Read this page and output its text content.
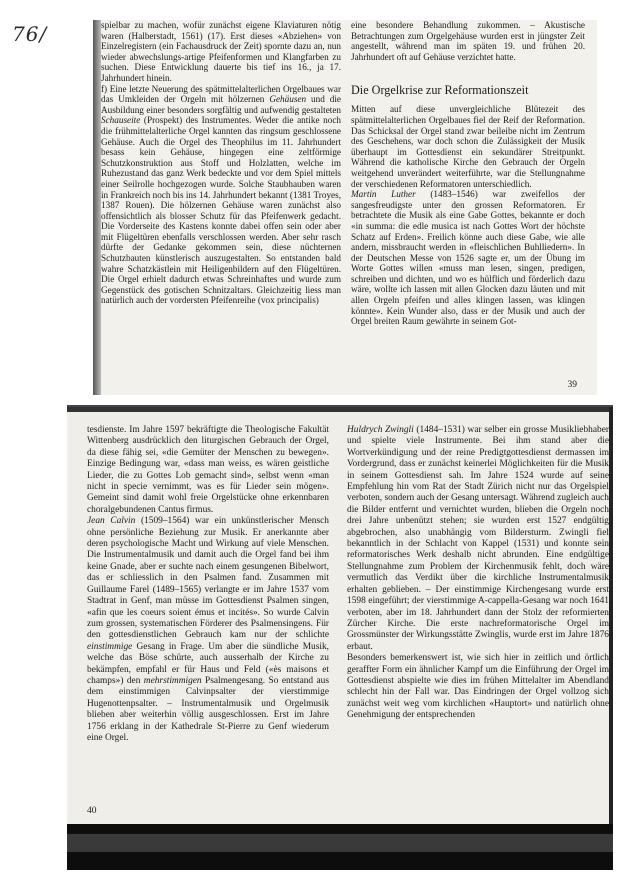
76/	spielbar zu machen, wofür zunächst eigene Klaviaturen nötig waren (Halberstadt, 1561) (17). Erst dieses «Abziehen» von Einzelregistern (ein Fachausdruck der Zeit) spornte dazu an, nun wieder abwechslungs-artige Pfeifenformen und Klangfarben zu suchen. Diese Entwicklung dauerte bis tief ins 16., ja 17. Jahrhundert hinein.

f) Eine letzte Neuerung des spätmittelalterlichen Orgelbaues war das Umkleiden der Orgeln mit hölzernen Gehäusen und die Ausbildung einer besonders sorgfältig und aufwendig gestalteten Schauseite (Prospekt) des Instrumentes. Weder die antike noch die frühmittelalterliche Orgel kannten das ringsum geschlossene Gehäuse. Auch die Orgel des Theophilus im 11. Jahrhundert besass kein Gehäuse, hingegen eine zeltförmige Schutzkonstruktion aus Stoff und Holzlatten, welche im Ruhezustand das ganz Werk bedeckte und vor dem Spiel mittels einer Seilrolle hochgezogen wurde. Solche Staubhauben waren in Frankreich noch bis ins 14. Jahrhundert bekannt (1381 Troyes, 1387 Rouen). Die hölzernen Gehäuse waren zunächst also offensichtlich als blosser Schutz für das Pfeifenwerk gedacht. Die Vorderseite des Kastens konnte dabei offen sein oder aber mit Flügeltüren ebenfalls verschlossen werden. Aber sehr rasch dürfte der Gedanke gekommen sein, diese nüchternen Schutzbauten künstlerisch auszugestalten. So entstanden bald wahre Schatzkästlein mit Heiligenbildern auf den Flügeltüren. Die Orgel erhielt dadurch etwas Schreinhaftes und wurde zum Gegenstück des gotischen Schnitzaltars. Gleichzeitig liess man natürlich auch der vordersten Pfeifenreihe (vox principalis)

eine besondere Behandlung zukommen. – Akustische Betrachtungen zum Orgelgehäuse wurden erst in jüngster Zeit angestellt, während man im späten 19. und frühen 20. Jahrhundert oft auf Gehäuse verzichtet hatte.

Die Orgelkrise zur Reformationszeit

Mitten auf diese unvergleichliche Blütezeit des spätmittelalterlichen Orgelbaues fiel der Reif der Reformation. Das Schicksal der Orgel stand zwar beileibe nicht im Zentrum des Geschehens, war doch schon die Zulässigkeit der Musik überhaupt im Gottesdienst ein sekundärer Streitpunkt. Während die katholische Kirche den Gebrauch der Orgeln weitgehend unverändert weiterführte, war die Stellungnahme der verschiedenen Reformatoren unterschiedlich.

Martin Luther (1483–1546) war zweifellos der sangesfreudigste unter den grossen Reformatoren. Er betrachtete die Musik als eine Gabe Gottes, bekannte er doch «in summa: die edle musica ist nach Gottes Wort der höchste Schatz auf Erden». Freilich könne auch diese Gabe, wie alle andern, missbraucht werden in «fleischlichen Buhlliedern». In der Deutschen Messe von 1526 sagte er, um der Übung im Worte Gottes willen «muss man lesen, singen, predigen, schreiben und dichten, und wo es hülflich und förderlich dazu wäre, wollte ich lassen mit allen Glocken dazu läuten und mit allen Orgeln pfeifen und alles klingen lassen, was klingen könnte». Kein Wunder also, dass er der Musik und auch der Orgel breiten Raum gewährte in seinem Got-

39

tesdienste. Im Jahre 1597 bekräftigte die Theologische Fakultät Wittenberg ausdrücklich den liturgischen Gebrauch der Orgel, da diese fähig sei, «die Gemüter der Menschen zu bewegen». Einzige Bedingung war, «dass man weiss, es wären geistliche Lieder, die zu Gottes Lob gemacht sind», selbst wenn «man nicht in specie vernimmt, was es für Lieder sein mögen». Gemeint sind damit wohl freie Orgelstücke ohne erkennbaren choralgebundenen Cantus firmus.

Jean Calvin (1509–1564) war ein unkünstlerischer Mensch ohne persönliche Beziehung zur Musik. Er anerkannte aber deren psychologische Macht und Wirkung auf viele Menschen. Die Instrumentalmusik und damit auch die Orgel fand bei ihm keine Gnade, aber er suchte nach einem gesungenen Bibelwort, das er schliesslich in den Psalmen fand. Zusammen mit Guillaume Farel (1489–1565) verlangte er im Jahre 1537 vom Stadtrat in Genf, man müsse im Gottesdienst Psalmen singen, «afin que les coeurs soient émus et incités». So wurde Calvin zum grossen, systematischen Förderer des Psalmensingens. Für den gottesdienstlichen Gebrauch kam nur der schlichte einstimmige Gesang in Frage. Um aber die sündliche Musik, welche das Böse schürte, auch ausserhalb der Kirche zu bekämpfen, empfahl er für Haus und Feld («ès maisons et champs») den mehrstimmigen Psalmengesang. So entstand aus dem einstimmigen Calvinpsalter der vierstimmige Hugenottenpsalter. – Instrumentalmusik und Orgelmusik blieben aber weiterhin völlig ausgeschlossen. Erst im Jahre 1756 erklang in der Kathedrale St-Pierre zu Genf wiederum eine Orgel.

Huldrych Zwingli (1484–1531) war selber ein grosse Musikliebhaber und spielte viele Instrumente. Bei ihm stand aber die Wortverkündigung und der reine Predigtgottesdienst dermassen im Vordergrund, dass er zunächst keinerlei Möglichkeiten für die Musik in seinem Gottesdienst sah. Im Jahre 1524 wurde auf seine Empfehlung hin vom Rat der Stadt Zürich nicht nur das Orgelspiel verboten, sondern auch der Gesang untersagt. Während zugleich auch die Bilder entfernt und vernichtet wurden, blieben die Orgeln noch drei Jahre unbenützt stehen; sie wurden erst 1527 endgültig abgebrochen, also unabhängig vom Bildersturm. Zwingli fiel bekanntlich in der Schlacht von Kappel (1531) und konnte sein reformatorisches Werk deshalb nicht abrunden. Eine endgültige Stellungnahme zum Problem der Kirchenmusik fehlt, doch wäre vermutlich das Verdikt über die kirchliche Instrumentalmusik erhalten geblieben. – Der einstimmige Kirchengesang wurde erst 1598 eingeführt; der vierstimmige A-cappella-Gesang war noch 1641 verboten, aber im 18. Jahrhundert dann der Stolz der reformierten Zürcher Kirche. Die erste nachreformatorische Orgel im Grossmünster der Wirkungsstätte Zwinglis, wurde erst im Jahre 1876 erbaut.

Besonders bemerkenswert ist, wie sich hier in zeitlich und örtlich geraffter Form ein ähnlicher Kampf um die Einführung der Orgel im Gottesdienst abspielte wie dies im frühen Mittelalter im Abendland schlecht hin der Fall war. Das Eindringen der Orgel vollzog sich zunächst weit weg vom kirchlichen «Hauptort» und natürlich ohne Genehmigung der entsprechenden

40
